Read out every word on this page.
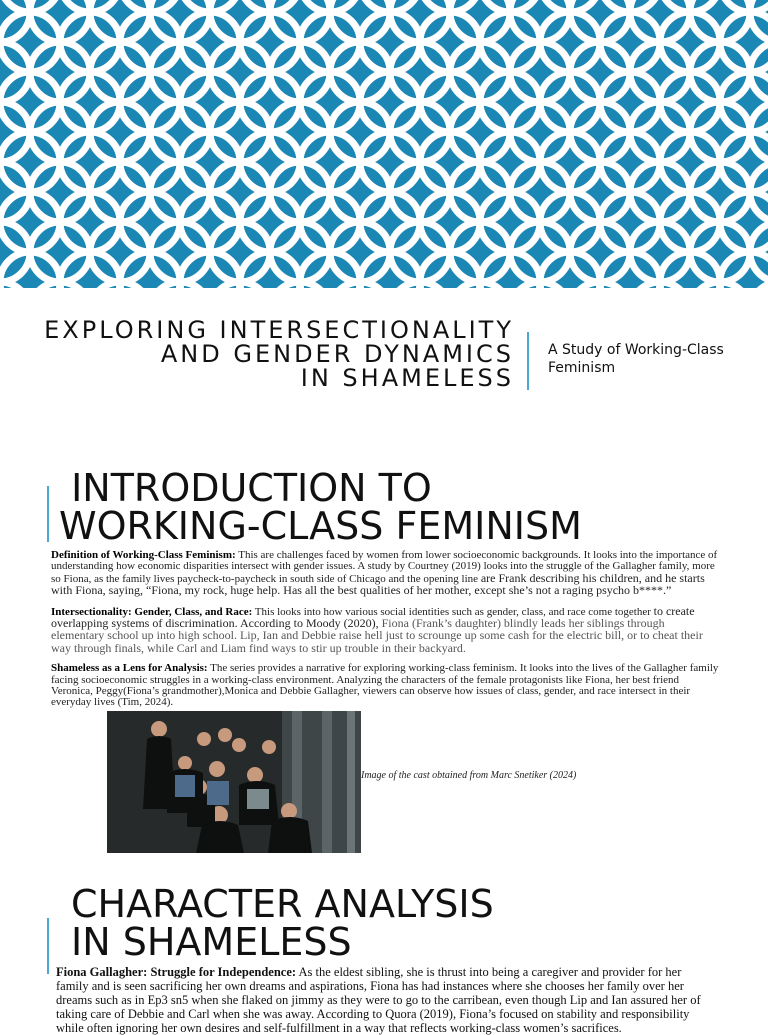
EXPLORING INTERSECTIONALITY
AND GENDER DYNAMICS
IN SHAMELESS
A Study of Working-Class Feminism
INTRODUCTION TO
WORKING-CLASS FEMINISM

Definition of Working-Class Feminism: This are challenges faced by women from lower socioeconomic backgrounds. It looks into the importance of understanding how economic disparities intersect with gender issues. A study by Courtney (2019) looks into the struggle of the Gallagher family, more so Fiona, as the family lives paycheck-to-paycheck in south side of Chicago and the opening line are Frank describing his children, and he starts with Fiona, saying, “Fiona, my rock, huge help. Has all the best qualities of her mother, except she’s not a raging psycho b****.”

Intersectionality: Gender, Class, and Race: This looks into how various social identities such as gender, class, and race come together to create overlapping systems of discrimination. According to Moody (2020), Fiona (Frank’s daughter) blindly leads her siblings through elementary school up into high school. Lip, Ian and Debbie raise hell just to scrounge up some cash for the electric bill, or to cheat their way through finals, while Carl and Liam find ways to stir up trouble in their backyard.

Shameless as a Lens for Analysis: The series provides a narrative for exploring working-class feminism. It looks into the lives of the Gallagher family facing socioeconomic struggles in a working-class environment. Analyzing the characters of the female protagonists like Fiona, her best friend Veronica, Peggy(Fiona’s grandmother),Monica and Debbie Gallagher, viewers can observe how issues of class, gender, and race intersect in their everyday lives (Tim, 2024).

Image of the cast obtained from Marc Snetiker (2024)
CHARACTER ANALYSIS
IN SHAMELESS
Fiona Gallagher: Struggle for Independence: As the eldest sibling, she is thrust into being a caregiver and provider for her family and is seen sacrificing her own dreams and aspirations, Fiona has had instances where she chooses her family over her dreams such as in Ep3 sn5 when she flaked on jimmy as they were to go to the carribean, even though Lip and Ian assured her of taking care of Debbie and Carl when she was away. According to Quora (2019), Fiona’s focused on stability and responsibility while often ignoring her own desires and self-fulfillment in a way that reflects working-class women’s sacrifices.
